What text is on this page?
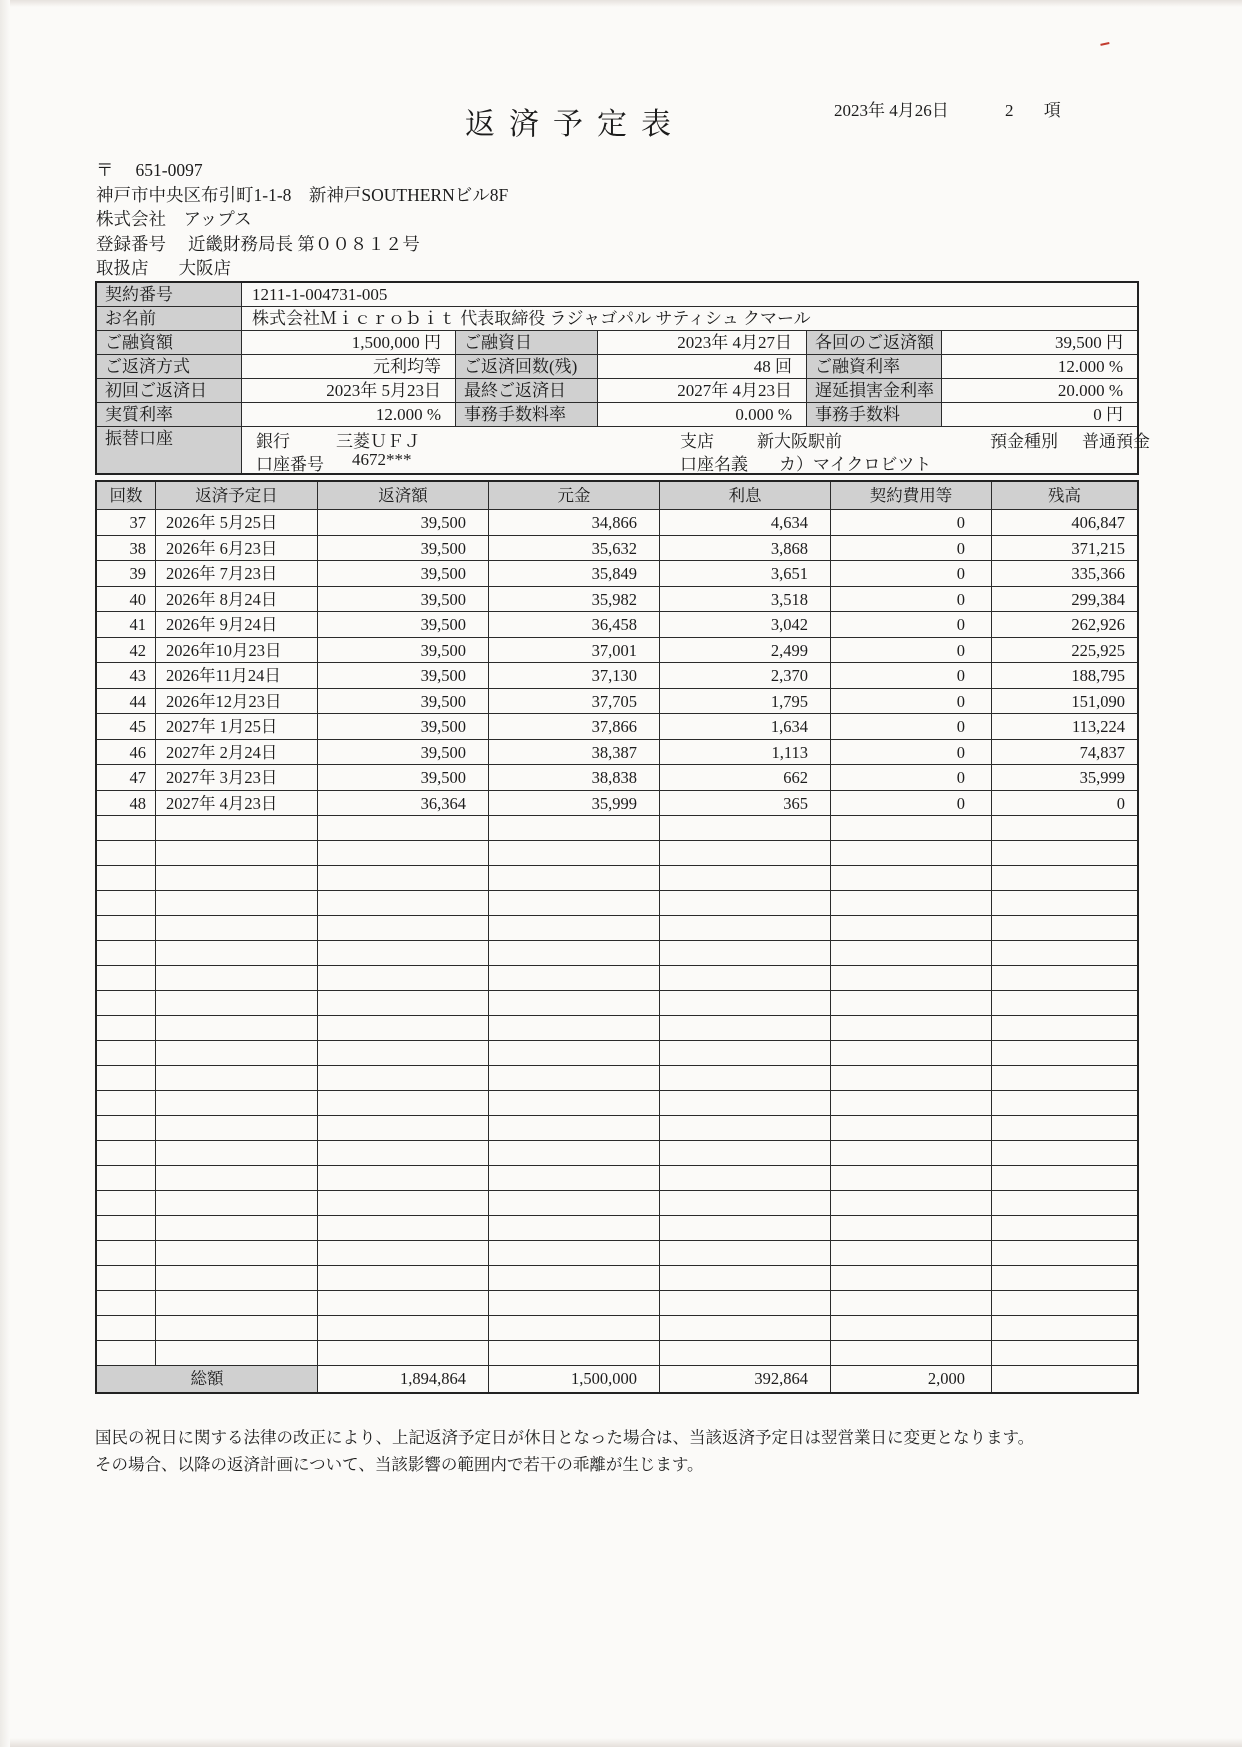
2023年 4月26日	2 項
返済予定表
〒 651-0097
神戸市中央区布引町1-1-8　新神戸SOUTHERNビル8F
株式会社　アップス
登録番号 近畿財務局長 第００８１２号
取扱店 大阪店
契約番号	1211-1-004731-005
お名前	株式会社Ｍｉｃｒｏｂｉｔ 代表取締役 ラジャゴパル サティシュ クマール
ご融資額	1,500,000 円	ご融資日	2023年 4月27日	各回のご返済額	39,500 円
ご返済方式	元利均等	ご返済回数(残)	48 回	ご融資利率	12.000 %
初回ご返済日	2023年 5月23日	最終ご返済日	2027年 4月23日	遅延損害金利率	20.000 %
実質利率	12.000 %	事務手数料率	0.000 %	事務手数料	0 円
振替口座	銀行	三菱ＵＦＪ	支店	新大阪駅前	預金種別 普通預金
口座番号 4672***	口座名義 カ）マイクロビツト
回数	返済予定日	返済額	元金	利息	契約費用等	残高
37	2026年 5月25日	39,500	34,866	4,634	0	406,847
38	2026年 6月23日	39,500	35,632	3,868	0	371,215
39	2026年 7月23日	39,500	35,849	3,651	0	335,366
40	2026年 8月24日	39,500	35,982	3,518	0	299,384
41	2026年 9月24日	39,500	36,458	3,042	0	262,926
42	2026年10月23日	39,500	37,001	2,499	0	225,925
43	2026年11月24日	39,500	37,130	2,370	0	188,795
44	2026年12月23日	39,500	37,705	1,795	0	151,090
45	2027年 1月25日	39,500	37,866	1,634	0	113,224
46	2027年 2月24日	39,500	38,387	1,113	0	74,837
47	2027年 3月23日	39,500	38,838	662	0	35,999
48	2027年 4月23日	36,364	35,999	365	0	0
総額	1,894,864	1,500,000	392,864	2,000
国民の祝日に関する法律の改正により、上記返済予定日が休日となった場合は、当該返済予定日は翌営業日に変更となります。
その場合、以降の返済計画について、当該影響の範囲内で若干の乖離が生じます。
